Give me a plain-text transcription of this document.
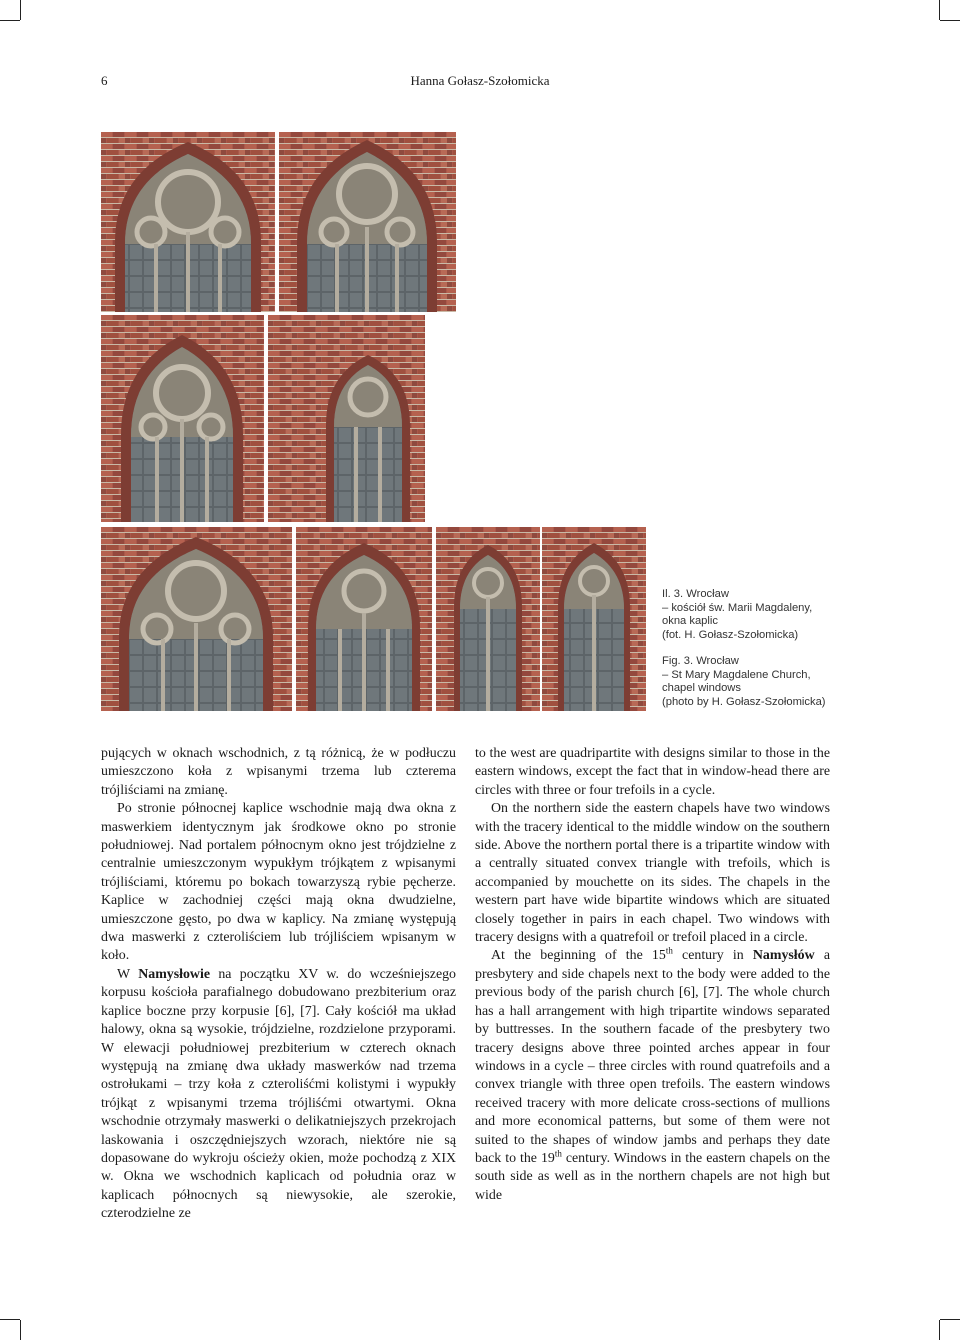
6	Hanna Gołasz-Szołomicka
Il. 3. Wrocław
– kościół św. Marii Magdaleny,
okna kaplic
(fot. H. Gołasz-Szołomicka)
Fig. 3. Wrocław
– St Mary Magdalene Church,
chapel windows
(photo by H. Gołasz-Szołomicka)

pujących w oknach wschodnich, z tą różnicą, że w podłuczu umieszczono koła z wpisanymi trzema lub czterema trójliściami na zmianę.

Po stronie północnej kaplice wschodnie mają dwa okna z maswerkiem identycznym jak środkowe okno po stronie południowej. Nad portalem północnym okno jest trójdzielne z centralnie umieszczonym wypukłym trójkątem z wpisanymi trójliściami, któremu po bokach towarzyszą rybie pęcherze. Kaplice w zachodniej części mają okna dwudzielne, umieszczone gęsto, po dwa w kaplicy. Na zmianę występują dwa maswerki z czteroliściem lub trójliściem wpisanym w koło.

W Namysłowie na początku XV w. do wcześniejszego korpusu kościoła parafialnego dobudowano prezbiterium oraz kaplice boczne przy korpusie [6], [7]. Cały kościół ma układ halowy, okna są wysokie, trójdzielne, rozdzielone przyporami. W elewacji południowej prezbiterium w czterech oknach występują na zmianę dwa układy maswerków nad trzema ostrołukami – trzy koła z czteroliśćmi kolistymi i wypukły trójkąt z wpisanymi trzema trójliśćmi otwartymi. Okna wschodnie otrzymały maswerki o delikatniejszych przekrojach laskowania i oszczędniejszych wzorach, niektóre nie są dopasowane do wykroju ościeży okien, może pochodzą z XIX w. Okna we wschodnich kaplicach od południa oraz w kaplicach północnych są niewysokie, ale szerokie, czterodzielne ze

to the west are quadripartite with designs similar to those in the eastern windows, except the fact that in window-head there are circles with three or four trefoils in a cycle.

On the northern side the eastern chapels have two windows with the tracery identical to the middle window on the southern side. Above the northern portal there is a tripartite window with a centrally situated convex triangle with trefoils, which is accompanied by mouchette on its sides. The chapels in the western part have wide bipartite windows which are situated closely together in pairs in each chapel. Two windows with tracery designs with a quatrefoil or trefoil placed in a circle.

At the beginning of the 15th century in Namysłów a presbytery and side chapels next to the body were added to the previous body of the parish church [6], [7]. The whole church has a hall arrangement with high tripartite windows separated by buttresses. In the southern facade of the presbytery two tracery designs above three pointed arches appear in four windows in a cycle – three circles with round quatrefoils and a convex triangle with three open trefoils. The eastern windows received tracery with more delicate cross-sections of mullions and more economical patterns, but some of them were not suited to the shapes of window jambs and perhaps they date back to the 19th century. Windows in the eastern chapels on the south side as well as in the northern chapels are not high but wide
